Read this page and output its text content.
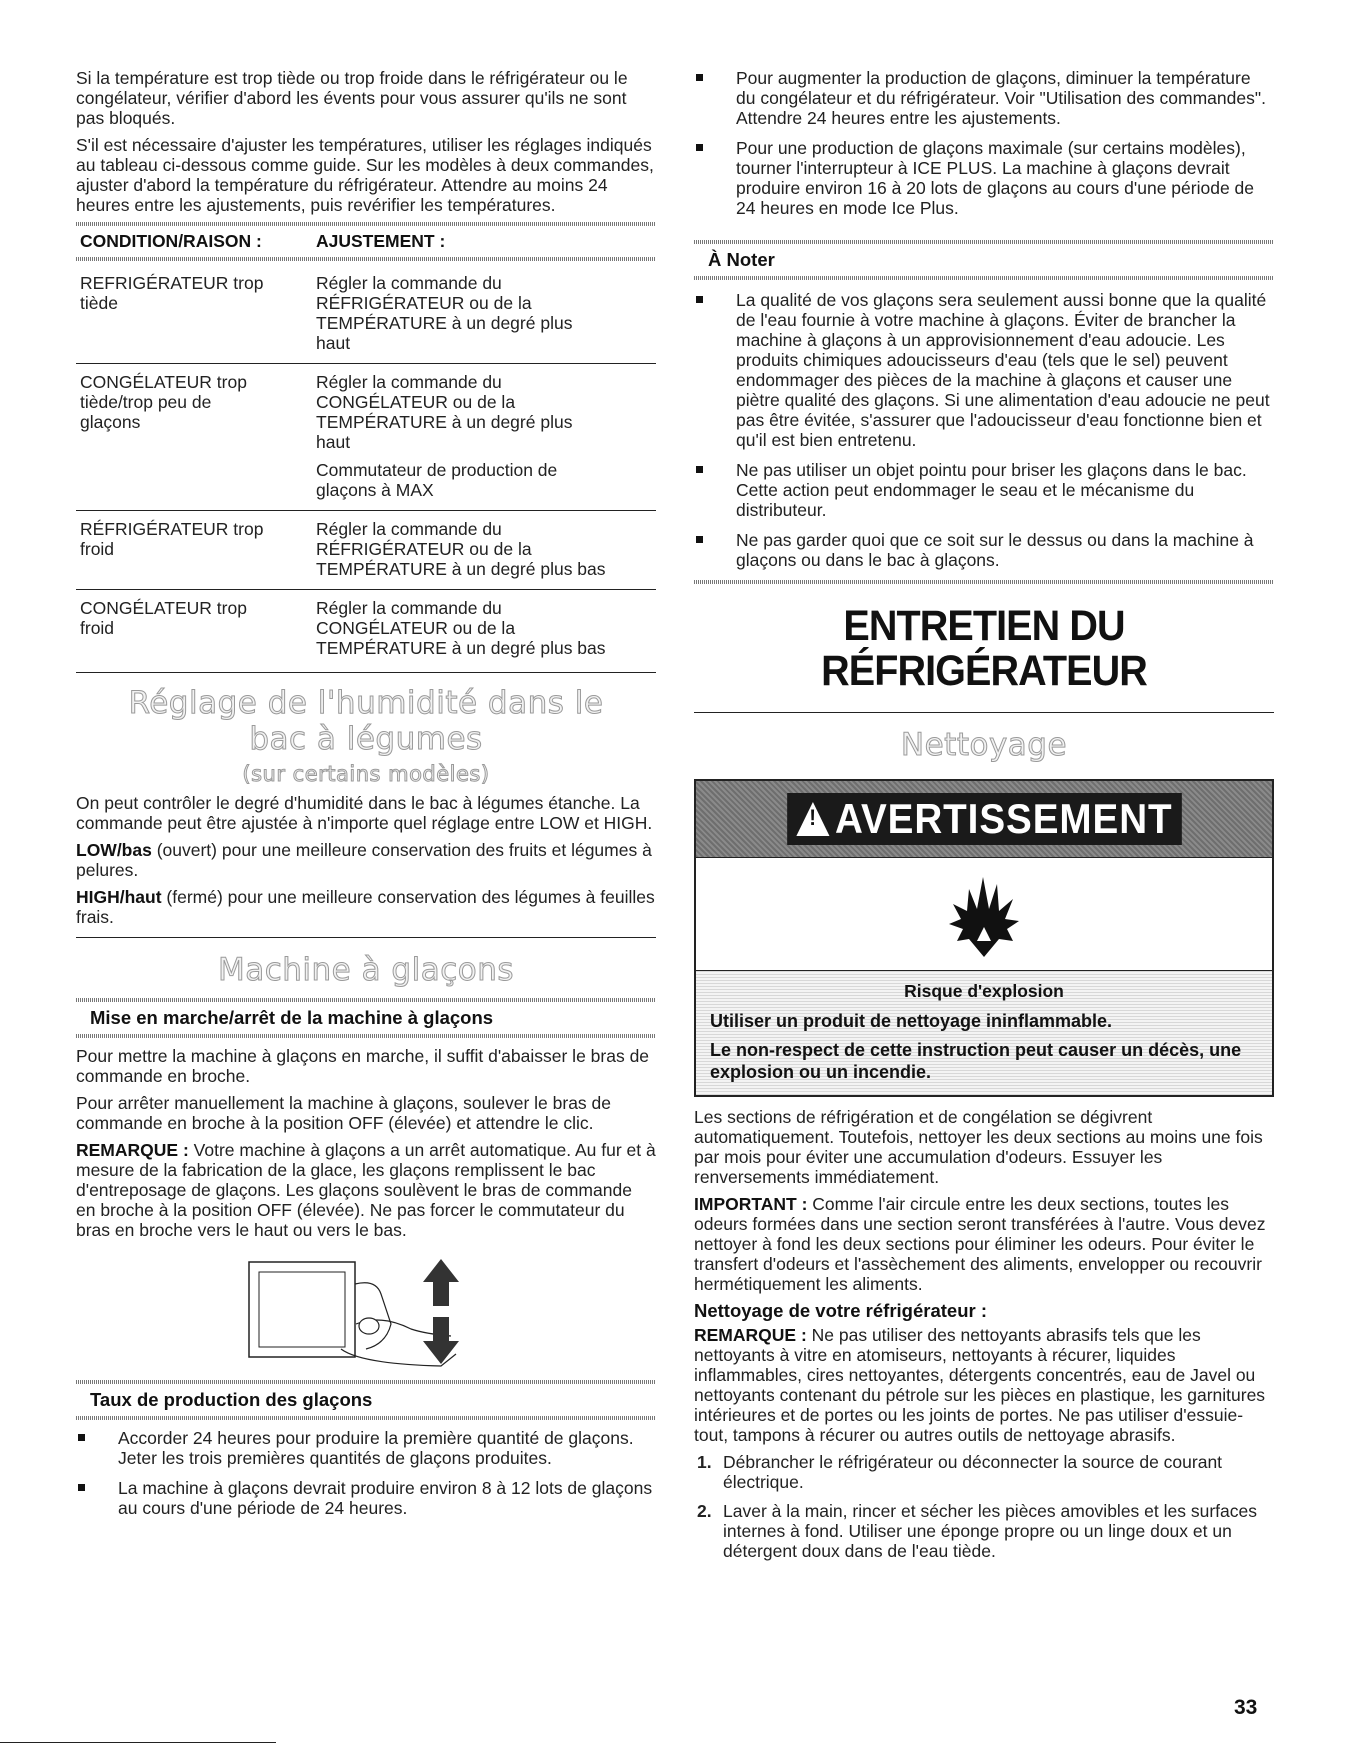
Si la température est trop tiède ou trop froide dans le réfrigérateur ou le congélateur, vérifier d'abord les évents pour vous assurer qu'ils ne sont pas bloqués.

S'il est nécessaire d'ajuster les températures, utiliser les réglages indiqués au tableau ci-dessous comme guide. Sur les modèles à deux commandes, ajuster d'abord la température du réfrigérateur. Attendre au moins 24 heures entre les ajustements, puis revérifier les températures.

CONDITION/RAISON :	AJUSTEMENT :
REFRIGÉRATEUR trop
tiède
Régler la commande du
RÉFRIGÉRATEUR ou de la
TEMPÉRATURE à un degré plus
haut
CONGÉLATEUR trop
tiède/trop peu de
glaçons
Régler la commande du
CONGÉLATEUR ou de la
TEMPÉRATURE à un degré plus
haut
Commutateur de production de
glaçons à MAX
RÉFRIGÉRATEUR trop
froid
Régler la commande du
RÉFRIGÉRATEUR ou de la
TEMPÉRATURE à un degré plus bas
CONGÉLATEUR trop
froid
Régler la commande du
CONGÉLATEUR ou de la
TEMPÉRATURE à un degré plus bas
Réglage de l'humidité dans le
bac à légumes
(sur certains modèles)

On peut contrôler le degré d'humidité dans le bac à légumes étanche. La commande peut être ajustée à n'importe quel réglage entre LOW et HIGH.

LOW/bas (ouvert) pour une meilleure conservation des fruits et légumes à pelures.

HIGH/haut (fermé) pour une meilleure conservation des légumes à feuilles frais.

Machine à glaçons
Mise en marche/arrêt de la machine à glaçons

Pour mettre la machine à glaçons en marche, il suffit d'abaisser le bras de commande en broche.

Pour arrêter manuellement la machine à glaçons, soulever le bras de commande en broche à la position OFF (élevée) et attendre le clic.

REMARQUE : Votre machine à glaçons a un arrêt automatique. Au fur et à mesure de la fabrication de la glace, les glaçons remplissent le bac d'entreposage de glaçons. Les glaçons soulèvent le bras de commande en broche à la position OFF (élevée). Ne pas forcer le commutateur du bras en broche vers le haut ou vers le bas.

Taux de production des glaçons
Accorder 24 heures pour produire la première quantité de glaçons. Jeter les trois premières quantités de glaçons produites.
La machine à glaçons devrait produire environ 8 à 12 lots de glaçons au cours d'une période de 24 heures.
Pour augmenter la production de glaçons, diminuer la température du congélateur et du réfrigérateur. Voir "Utilisation des commandes". Attendre 24 heures entre les ajustements.
Pour une production de glaçons maximale (sur certains modèles), tourner l'interrupteur à ICE PLUS. La machine à glaçons devrait produire environ 16 à 20 lots de glaçons au cours d'une période de 24 heures en mode Ice Plus.
À Noter
La qualité de vos glaçons sera seulement aussi bonne que la qualité de l'eau fournie à votre machine à glaçons. Éviter de brancher la machine à glaçons à un approvisionnement d'eau adoucie. Les produits chimiques adoucisseurs d'eau (tels que le sel) peuvent endommager des pièces de la machine à glaçons et causer une piètre qualité des glaçons. Si une alimentation d'eau adoucie ne peut pas être évitée, s'assurer que l'adoucisseur d'eau fonctionne bien et qu'il est bien entretenu.
Ne pas utiliser un objet pointu pour briser les glaçons dans le bac. Cette action peut endommager le seau et le mécanisme du distributeur.
Ne pas garder quoi que ce soit sur le dessus ou dans la machine à glaçons ou dans le bac à glaçons.
ENTRETIEN DU
RÉFRIGÉRATEUR
Nettoyage
! AVERTISSEMENT
Risque d'explosion
Utiliser un produit de nettoyage ininflammable.
Le non-respect de cette instruction peut causer un décès, une explosion ou un incendie.

Les sections de réfrigération et de congélation se dégivrent automatiquement. Toutefois, nettoyer les deux sections au moins une fois par mois pour éviter une accumulation d'odeurs. Essuyer les renversements immédiatement.

IMPORTANT : Comme l'air circule entre les deux sections, toutes les odeurs formées dans une section seront transférées à l'autre. Vous devez nettoyer à fond les deux sections pour éliminer les odeurs. Pour éviter le transfert d'odeurs et l'assèchement des aliments, envelopper ou recouvrir hermétiquement les aliments.

Nettoyage de votre réfrigérateur :

REMARQUE : Ne pas utiliser des nettoyants abrasifs tels que les nettoyants à vitre en atomiseurs, nettoyants à récurer, liquides inflammables, cires nettoyantes, détergents concentrés, eau de Javel ou nettoyants contenant du pétrole sur les pièces en plastique, les garnitures intérieures et de portes ou les joints de portes. Ne pas utiliser d'essuie-tout, tampons à récurer ou autres outils de nettoyage abrasifs.

1. Débrancher le réfrigérateur ou déconnecter la source de courant électrique.
2. Laver à la main, rincer et sécher les pièces amovibles et les surfaces internes à fond. Utiliser une éponge propre ou un linge doux et un détergent doux dans de l'eau tiède.
33
